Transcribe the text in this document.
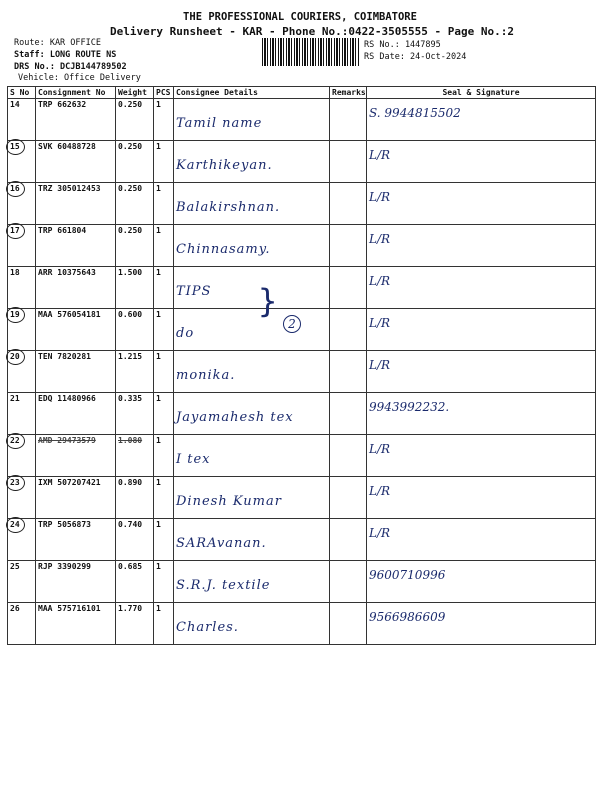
THE PROFESSIONAL COURIERS, COIMBATORE
Delivery Runsheet - KAR - Phone No.:0422-3505555 - Page No.:2
Route: KAR OFFICE
Staff: LONG ROUTE NS
DRS No.: DCJB144789502
Vehicle: Office Delivery
RS No.: 1447895
RS Date: 24-Oct-2024
S No	Consignment No	Weight	PCS	Consignee Details	Remarks	Seal & Signature
14	TRP 662632	0.250	1	Tamil name		S. 9944815502

15	SVK 60488728	0.250	1	Karthikeyan.		L/R

16	TRZ 305012453	0.250	1	Balakirshnan.		L/R

17	TRP 661804	0.250	1	Chinnasamy.		L/R

18	ARR 10375643	1.500	1	TIPS		L/R

19	MAA 576054181	0.600	1	do		L/R

20	TEN 7820281	1.215	1	monika.		L/R

21	EDQ 11480966	0.335	1	Jayamahesh tex		9943992232.

22	AMD 29473579	1.080	1	I tex		L/R

23	IXM 507207421	0.890	1	Dinesh Kumar		L/R

24	TRP 5056873	0.740	1	SARAvanan.		L/R

25	RJP 3390299	0.685	1	S.R.J. textile		9600710996

26	MAA 575716101	1.770	1	Charles.		9566986609
}
2
